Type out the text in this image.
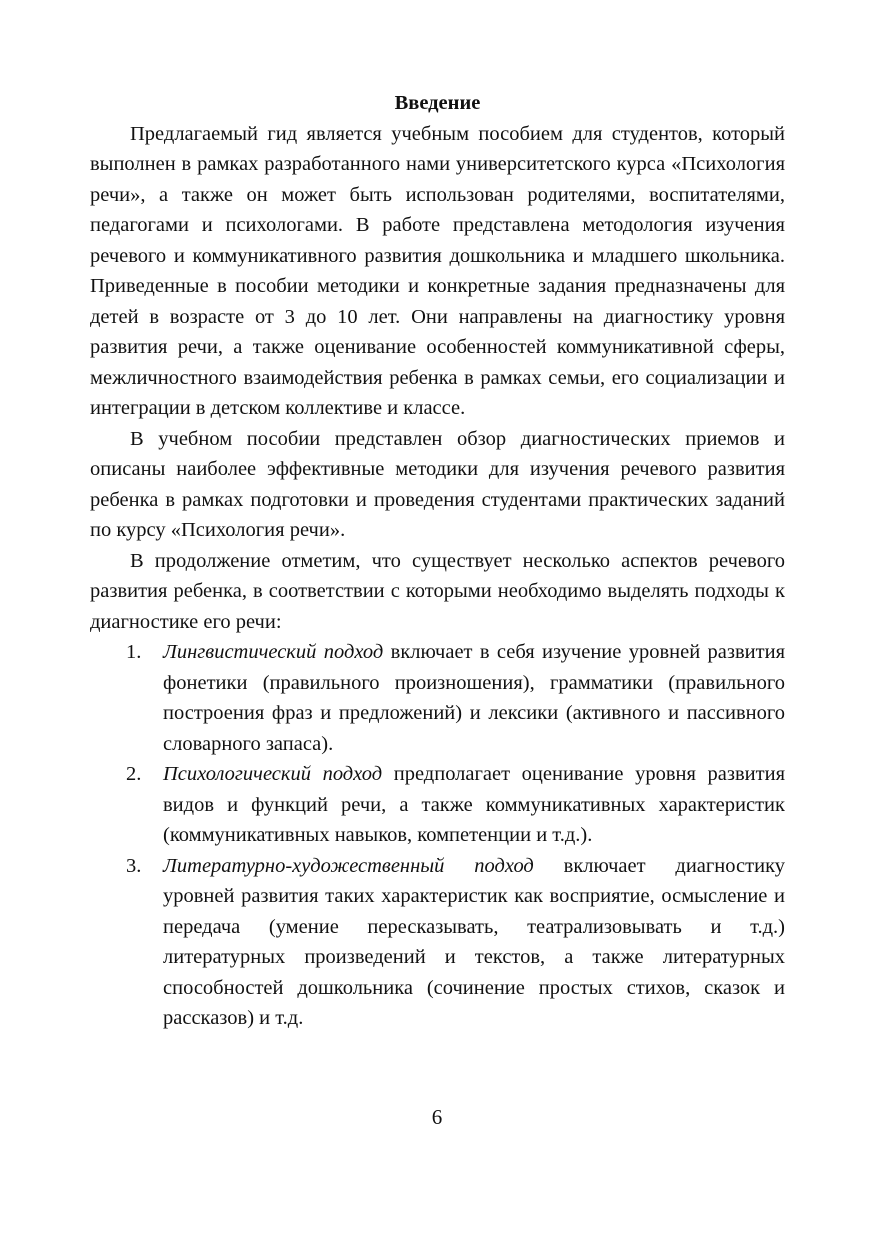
Введение

Предлагаемый гид является учебным пособием для студентов, который выполнен в рамках разработанного нами университетского курса «Психология речи», а также он может быть использован родителями, воспитателями, педагогами и психологами. В работе представлена методология изучения речевого и коммуникативного развития дошкольника и младшего школьника. Приведенные в пособии методики и конкретные задания предназначены для детей в возрасте от 3 до 10 лет. Они направлены на диагностику уровня развития речи, а также оценивание особенностей коммуникативной сферы, межличностного взаимодействия ребенка в рамках семьи, его социализации и интеграции в детском коллективе и классе.

В учебном пособии представлен обзор диагностических приемов и описаны наиболее эффективные методики для изучения речевого развития ребенка в рамках подготовки и проведения студентами практических заданий по курсу «Психология речи».

В продолжение отметим, что существует несколько аспектов речевого развития ребенка, в соответствии с которыми необходимо выделять подходы к диагностике его речи:

1. Лингвистический подход включает в себя изучение уровней развития фонетики (правильного произношения), грамматики (правильного построения фраз и предложений) и лексики (активного и пассивного словарного запаса).
2. Психологический подход предполагает оценивание уровня развития видов и функций речи, а также коммуникативных характеристик (коммуникативных навыков, компетенции и т.д.).
3. Литературно-художественный подход включает диагностику уровней развития таких характеристик как восприятие, осмысление и передача (умение пересказывать, театрализовывать и т.д.) литературных произведений и текстов, а также литературных способностей дошкольника (сочинение простых стихов, сказок и рассказов) и т.д.
6
